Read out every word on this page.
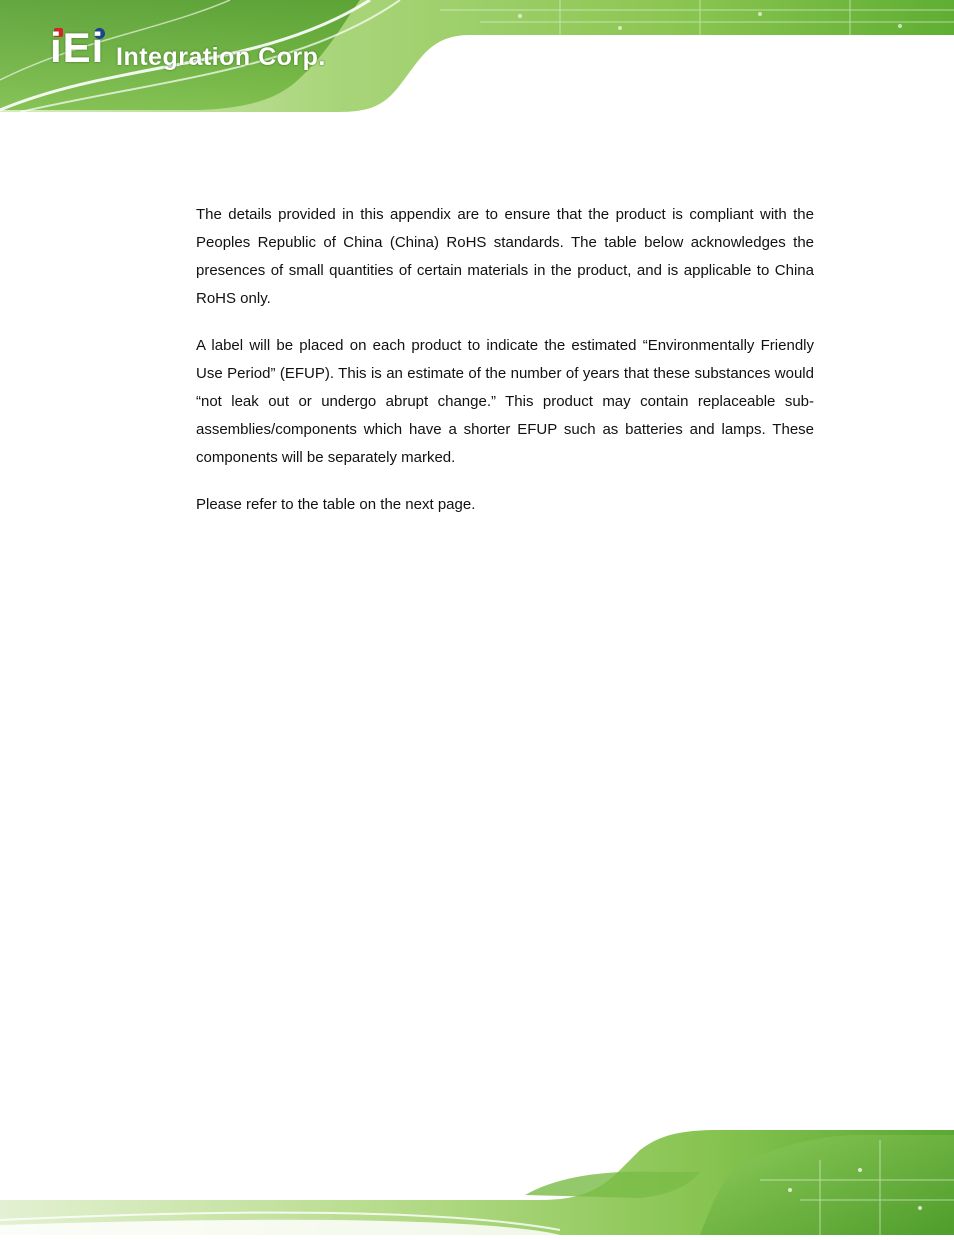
iEi Integration Corp.

The details provided in this appendix are to ensure that the product is compliant with the Peoples Republic of China (China) RoHS standards. The table below acknowledges the presences of small quantities of certain materials in the product, and is applicable to China RoHS only.

A label will be placed on each product to indicate the estimated “Environmentally Friendly Use Period” (EFUP). This is an estimate of the number of years that these substances would “not leak out or undergo abrupt change.” This product may contain replaceable sub-assemblies/components which have a shorter EFUP such as batteries and lamps. These components will be separately marked.

Please refer to the table on the next page.
